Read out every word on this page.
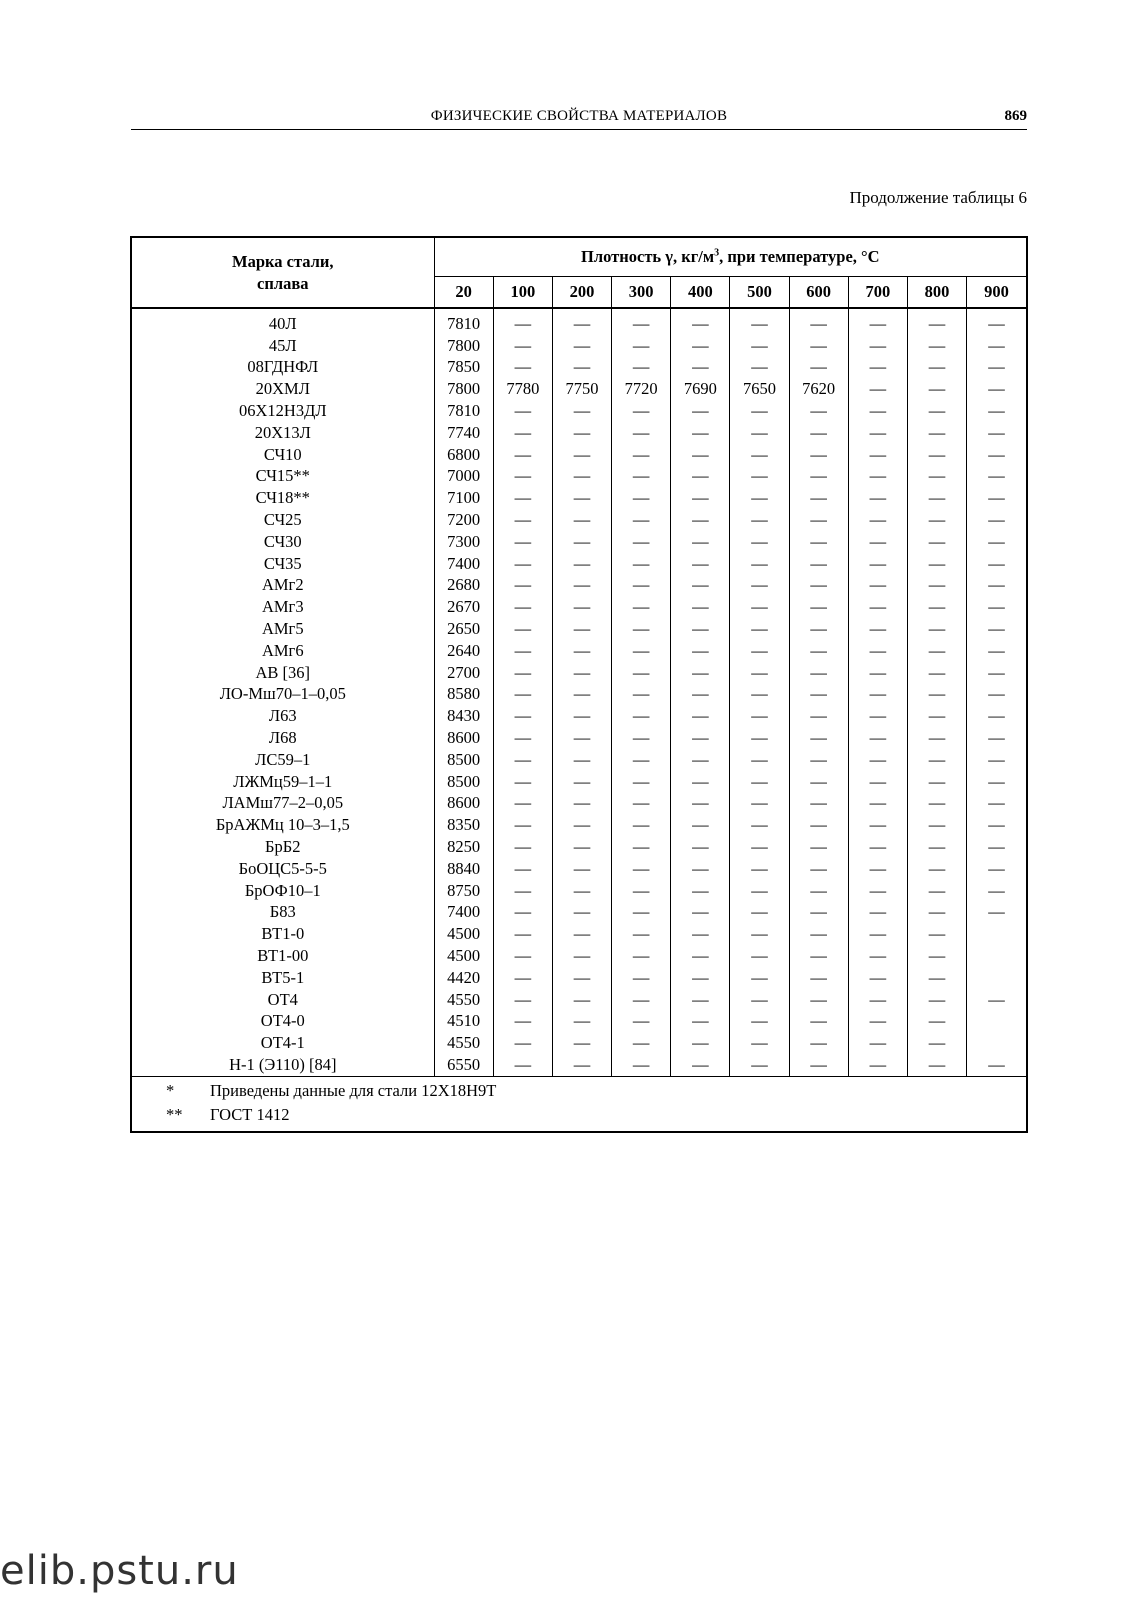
ФИЗИЧЕСКИЕ СВОЙСТВА МАТЕРИАЛОВ	869
Продолжение таблицы 6
Марка стали,
сплава	Плотность γ, $кг/м^3$, при температуре, °С									
	20	100	200	300	400	500	600	700	800	900
40Л	7810	—	—	—	—	—	—	—	—	—
45Л	7800	—	—	—	—	—	—	—	—	—
08ГДНФЛ	7850	—	—	—	—	—	—	—	—	—
20ХМЛ	7800	7780	7750	7720	7690	7650	7620	—	—	—
06Х12Н3ДЛ	7810	—	—	—	—	—	—	—	—	—
20Х13Л	7740	—	—	—	—	—	—	—	—	—
СЧ10	6800	—	—	—	—	—	—	—	—	—
СЧ15**	7000	—	—	—	—	—	—	—	—	—
СЧ18**	7100	—	—	—	—	—	—	—	—	—
СЧ25	7200	—	—	—	—	—	—	—	—	—
СЧ30	7300	—	—	—	—	—	—	—	—	—
СЧ35	7400	—	—	—	—	—	—	—	—	—
АМг2	2680	—	—	—	—	—	—	—	—	—
АМг3	2670	—	—	—	—	—	—	—	—	—
АМг5	2650	—	—	—	—	—	—	—	—	—
АМг6	2640	—	—	—	—	—	—	—	—	—
АВ [36]	2700	—	—	—	—	—	—	—	—	—
ЛО-Мш70–1–0,05	8580	—	—	—	—	—	—	—	—	—
Л63	8430	—	—	—	—	—	—	—	—	—
Л68	8600	—	—	—	—	—	—	—	—	—
ЛС59–1	8500	—	—	—	—	—	—	—	—	—
ЛЖМц59–1–1	8500	—	—	—	—	—	—	—	—	—
ЛАМш77–2–0,05	8600	—	—	—	—	—	—	—	—	—
БрАЖМц 10–3–1,5	8350	—	—	—	—	—	—	—	—	—
БрБ2	8250	—	—	—	—	—	—	—	—	—
БоОЦС5-5-5	8840	—	—	—	—	—	—	—	—	—
БрОФ10–1	8750	—	—	—	—	—	—	—	—	—
Б83	7400	—	—	—	—	—	—	—	—	—
ВТ1-0	4500	—	—	—	—	—	—	—	—	
ВТ1-00	4500	—	—	—	—	—	—	—	—	
ВТ5-1	4420	—	—	—	—	—	—	—	—	
ОТ4	4550	—	—	—	—	—	—	—	—	—
ОТ4-0	4510	—	—	—	—	—	—	—	—	
ОТ4-1	4550	—	—	—	—	—	—	—	—	
Н-1 (Э110) [84]	6550	—	—	—	—	—	—	—	—	—

* Приведены данные для стали 12Х18Н9Т
** ГОСТ 1412										
elib.pstu.ru
